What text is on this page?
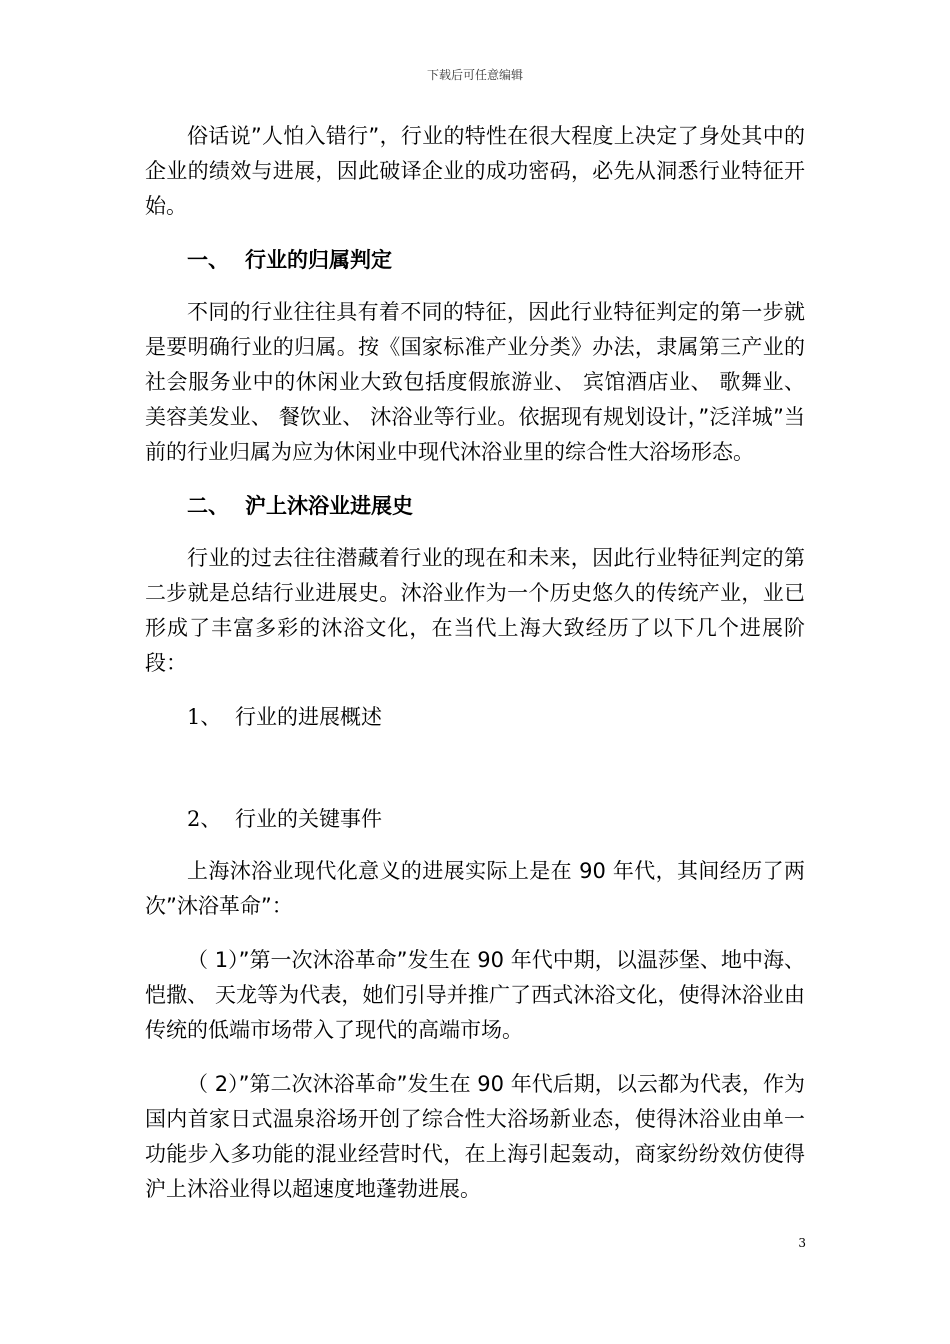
下载后可任意编辑

俗话说”人怕入错行”，行业的特性在很大程度上决定了身处其中的企业的绩效与进展，因此破译企业的成功密码，必先从洞悉行业特征开始。

一、 行业的归属判定

不同的行业往往具有着不同的特征，因此行业特征判定的第一步就是要明确行业的归属。按《国家标准产业分类》办法，隶属第三产业的社会服务业中的休闲业大致包括度假旅游业、 宾馆酒店业、 歌舞业、 美容美发业、 餐饮业、 沐浴业等行业。依据现有规划设计，”泛洋城”当前的行业归属为应为休闲业中现代沐浴业里的综合性大浴场形态。

二、 沪上沐浴业进展史

行业的过去往往潜藏着行业的现在和未来，因此行业特征判定的第二步就是总结行业进展史。沐浴业作为一个历史悠久的传统产业，业已形成了丰富多彩的沐浴文化，在当代上海大致经历了以下几个进展阶段：

1、 行业的进展概述
2、 行业的关键事件

上海沐浴业现代化意义的进展实际上是在 90 年代，其间经历了两次”沐浴革命”：

（ 1）”第一次沐浴革命”发生在 90 年代中期，以温莎堡、地中海、 恺撒、 天龙等为代表，她们引导并推广了西式沐浴文化，使得沐浴业由传统的低端市场带入了现代的高端市场。

（ 2）”第二次沐浴革命”发生在 90 年代后期，以云都为代表，作为国内首家日式温泉浴场开创了综合性大浴场新业态，使得沐浴业由单一功能步入多功能的混业经营时代，在上海引起轰动，商家纷纷效仿使得沪上沐浴业得以超速度地蓬勃进展。

3
